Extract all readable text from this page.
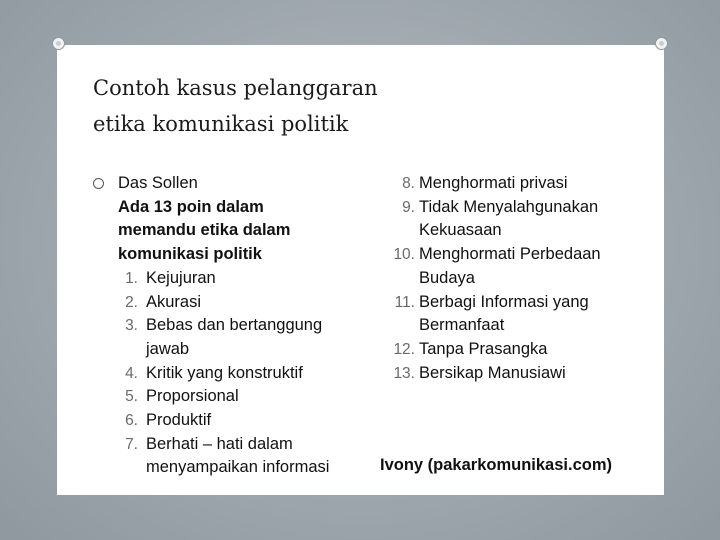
Contoh kasus pelanggaran
etika komunikasi politik
Das Sollen
Ada 13 poin dalam
memandu etika dalam
komunikasi politik
1. Kejujuran
2. Akurasi
3. Bebas dan bertanggung
jawab
4. Kritik yang konstruktif
5. Proporsional
6. Produktif
7. Berhati – hati dalam
menyampaikan informasi
8. Menghormati privasi
9. Tidak Menyalahgunakan
Kekuasaan
10. Menghormati Perbedaan
Budaya
11. Berbagi Informasi yang
Bermanfaat
12. Tanpa Prasangka
13. Bersikap Manusiawi
Ivony (pakarkomunikasi.com)
